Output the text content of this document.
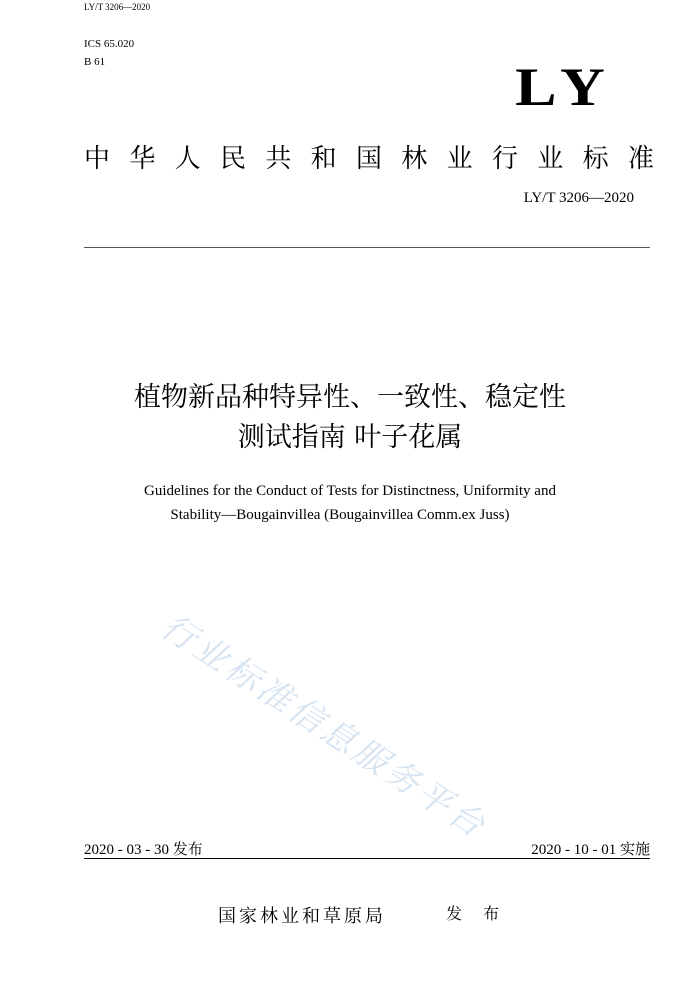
LY/T 3206—2020
ICS 65.020
B 61	LY
中 华 人 民 共 和 国 林 业 行 业 标 准
LY/T 3206—2020
植物新品种特异性、一致性、稳定性
测试指南 叶子花属
Guidelines for the Conduct of Tests for Distinctness, Uniformity and
Stability—Bougainvillea (Bougainvillea Comm.ex Juss)
行业标准信息服务平台
2020 - 03 - 30 发布	2020 - 10 - 01 实施
国家林业和草原局	发 布
